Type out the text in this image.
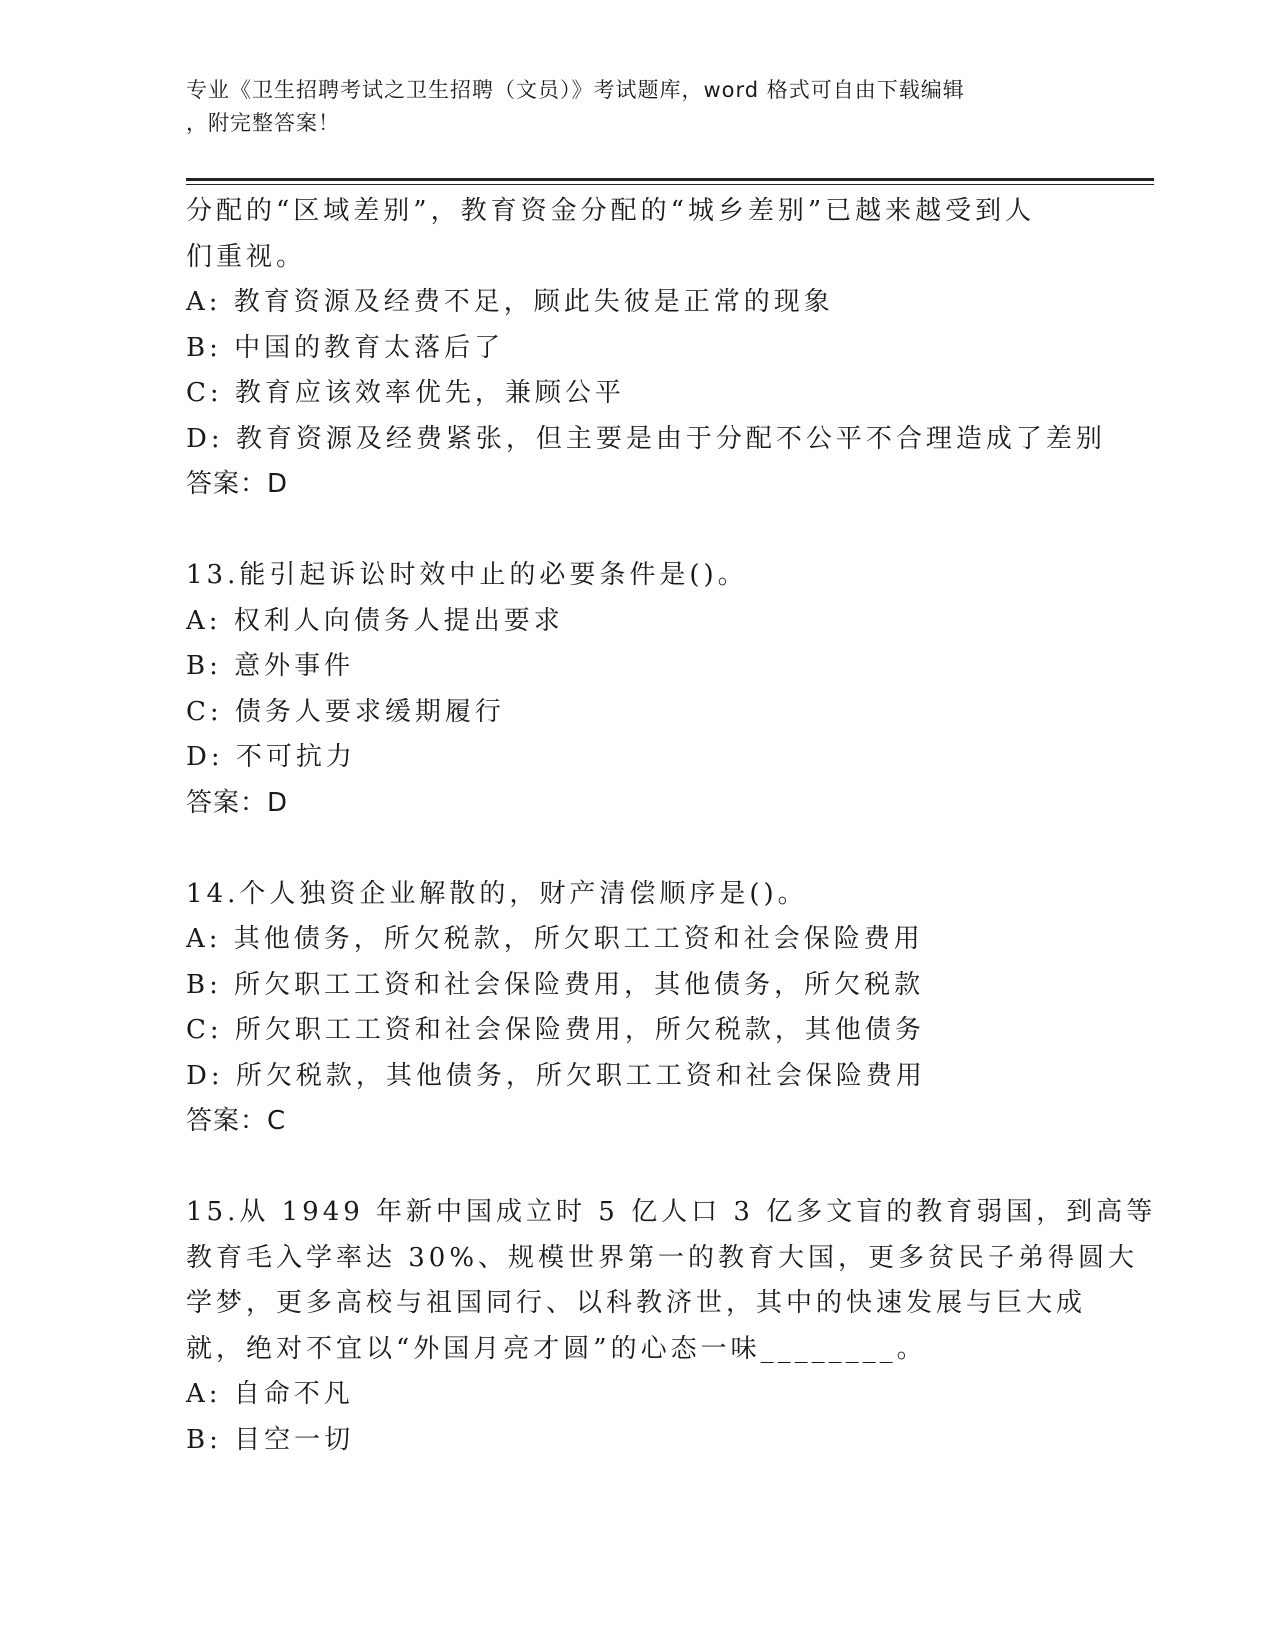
专业《卫生招聘考试之卫生招聘（文员）》考试题库，word 格式可自由下载编辑
，附完整答案！
分配的“区域差别”，教育资金分配的“城乡差别”已越来越受到人
们重视。
A: 教育资源及经费不足，顾此失彼是正常的现象
B: 中国的教育太落后了
C: 教育应该效率优先，兼顾公平
D: 教育资源及经费紧张，但主要是由于分配不公平不合理造成了差别
答案：D
13.能引起诉讼时效中止的必要条件是()。
A: 权利人向债务人提出要求
B: 意外事件
C: 债务人要求缓期履行
D: 不可抗力
答案：D
14.个人独资企业解散的，财产清偿顺序是()。
A: 其他债务，所欠税款，所欠职工工资和社会保险费用
B: 所欠职工工资和社会保险费用，其他债务，所欠税款
C: 所欠职工工资和社会保险费用，所欠税款，其他债务
D: 所欠税款，其他债务，所欠职工工资和社会保险费用
答案：C
15.从 1949 年新中国成立时 5 亿人口 3 亿多文盲的教育弱国，到高等
教育毛入学率达 30%、规模世界第一的教育大国，更多贫民子弟得圆大
学梦，更多高校与祖国同行、以科教济世，其中的快速发展与巨大成
就，绝对不宜以“外国月亮才圆”的心态一味________。
A: 自命不凡
B: 目空一切
